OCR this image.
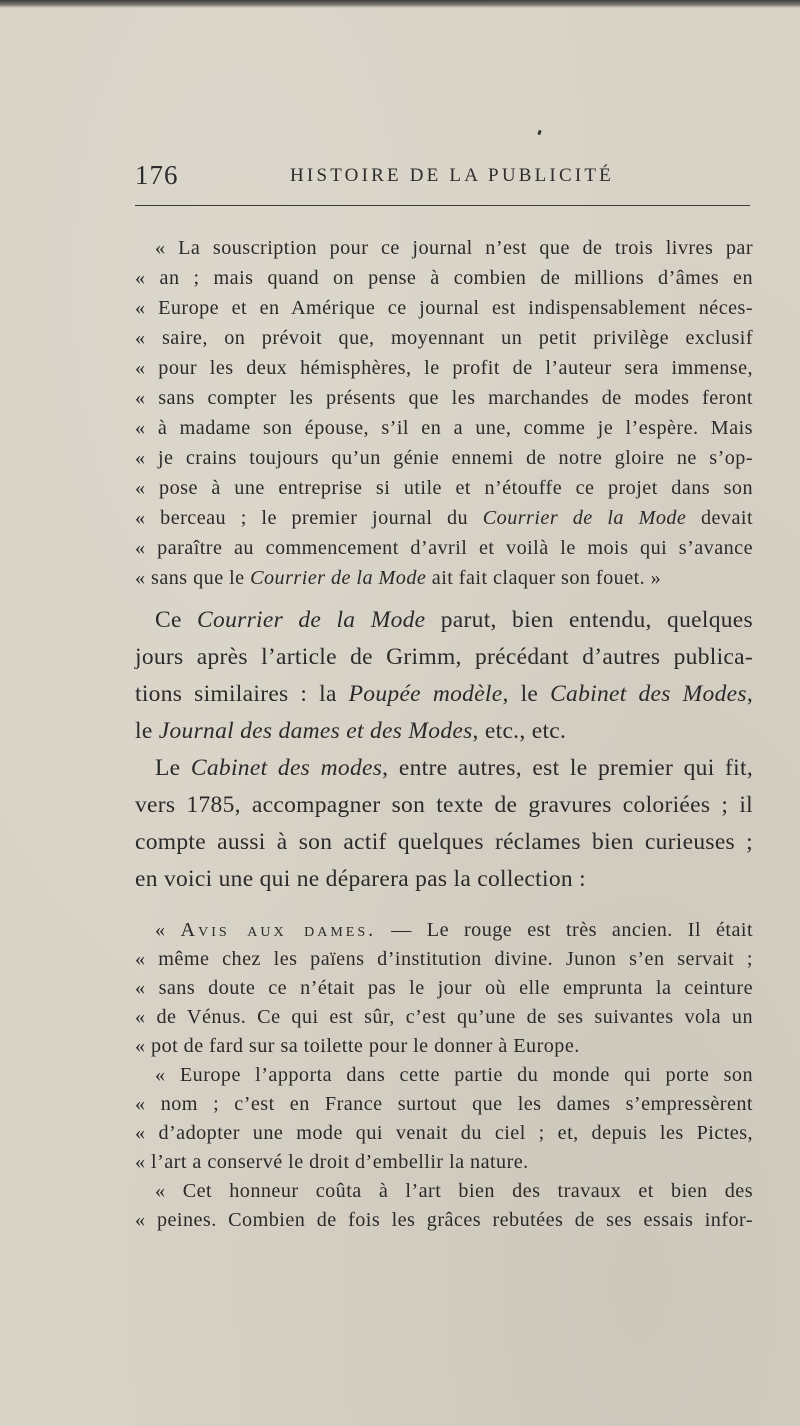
176	HISTOIRE DE LA PUBLICITÉ
« La souscription pour ce journal n’est que de trois livres par
« an ; mais quand on pense à combien de millions d’âmes en
« Europe et en Amérique ce journal est indispensablement néces-
« saire, on prévoit que, moyennant un petit privilège exclusif
« pour les deux hémisphères, le profit de l’auteur sera immense,
« sans compter les présents que les marchandes de modes feront
« à madame son épouse, s’il en a une, comme je l’espère. Mais
« je crains toujours qu’un génie ennemi de notre gloire ne s’op-
« pose à une entreprise si utile et n’étouffe ce projet dans son
« berceau ; le premier journal du Courrier de la Mode devait
« paraître au commencement d’avril et voilà le mois qui s’avance
« sans que le Courrier de la Mode ait fait claquer son fouet. »
Ce Courrier de la Mode parut, bien entendu, quelques
jours après l’article de Grimm, précédant d’autres publica-
tions similaires : la Poupée modèle, le Cabinet des Modes,
le Journal des dames et des Modes, etc., etc.
Le Cabinet des modes, entre autres, est le premier qui fit,
vers 1785, accompagner son texte de gravures coloriées ; il
compte aussi à son actif quelques réclames bien curieuses ;
en voici une qui ne déparera pas la collection :
« Avis aux dames. — Le rouge est très ancien. Il était
« même chez les païens d’institution divine. Junon s’en servait ;
« sans doute ce n’était pas le jour où elle emprunta la ceinture
« de Vénus. Ce qui est sûr, c’est qu’une de ses suivantes vola un
« pot de fard sur sa toilette pour le donner à Europe.
« Europe l’apporta dans cette partie du monde qui porte son
« nom ; c’est en France surtout que les dames s’empressèrent
« d’adopter une mode qui venait du ciel ; et, depuis les Pictes,
« l’art a conservé le droit d’embellir la nature.
« Cet honneur coûta à l’art bien des travaux et bien des
« peines. Combien de fois les grâces rebutées de ses essais infor-
